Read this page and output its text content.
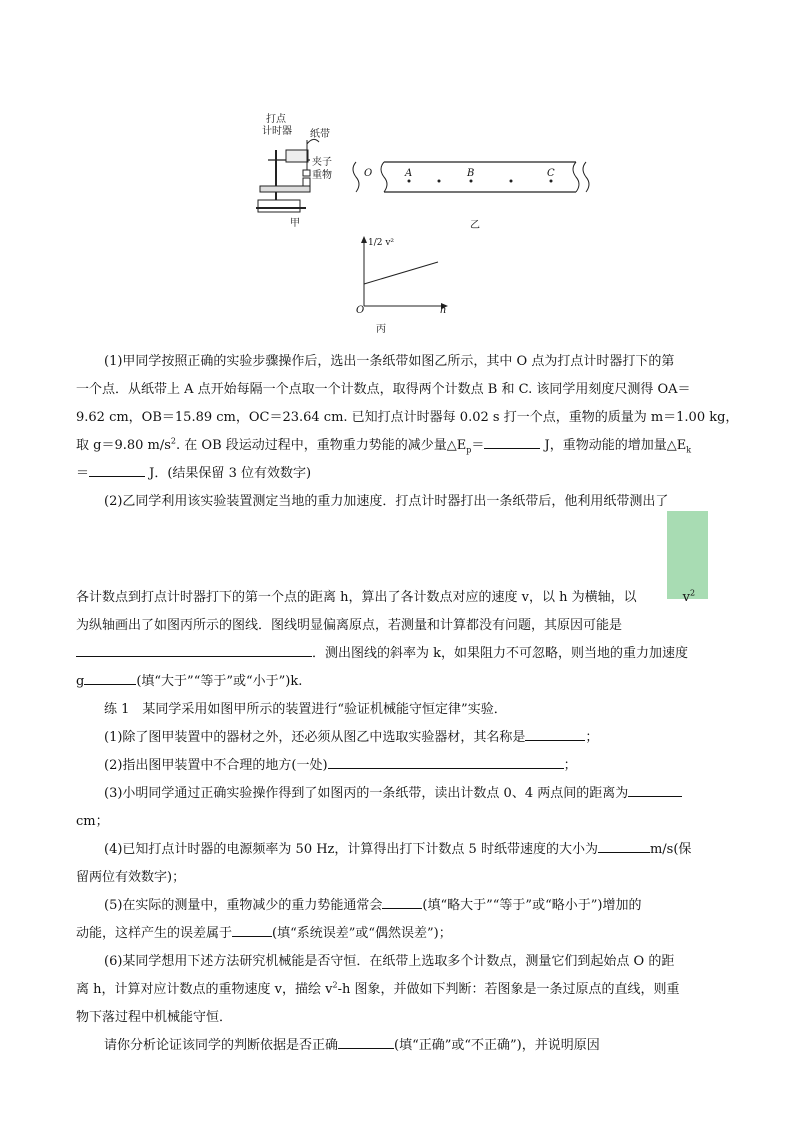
打点
计时器 纸带
夹子
重物
甲
O	A	B	C
乙
1/2 v²
h
O
丙
(1)甲同学按照正确的实验步骤操作后，选出一条纸带如图乙所示，其中 O 点为打点计时器打下的第
一个点．从纸带上 A 点开始每隔一个点取一个计数点，取得两个计数点 B 和 C. 该同学用刻度尺测得 OA＝
9.62 cm，OB＝15.89 cm，OC＝23.64 cm. 已知打点计时器每 0.02 s 打一个点，重物的质量为 m＝1.00 kg，
取 g＝9.80 $m/s^2$. 在 OB 段运动过程中，重物重力势能的减少量$\triangle E_p=$	J，重物动能的增加量$\triangle E_k$
＝	J．(结果保留 3 位有效数字)
(2)乙同学利用该实验装置测定当地的重力加速度．打点计时器打出一条纸带后，他利用纸带测出了
各计数点到打点计时器打下的第一个点的距离 h，算出了各计数点对应的速度 v，以 h 为横轴，以	$v^2$
为纵轴画出了如图丙所示的图线．图线明显偏离原点，若测量和计算都没有问题，其原因可能是
．测出图线的斜率为 k，如果阻力不可忽略，则当地的重力加速度
g	(填“大于”“等于”或“小于”)k.
练 1　某同学采用如图甲所示的装置进行“验证机械能守恒定律”实验．
(1)除了图甲装置中的器材之外，还必须从图乙中选取实验器材，其名称是	；
(2)指出图甲装置中不合理的地方(一处)	；
(3)小明同学通过正确实验操作得到了如图丙的一条纸带，读出计数点 0、4 两点间的距离为
cm；
(4)已知打点计时器的电源频率为 50 Hz，计算得出打下计数点 5 时纸带速度的大小为	m/s(保
留两位有效数字)；
(5)在实际的测量中，重物减少的重力势能通常会	(填“略大于”“等于”或“略小于”)增加的
动能，这样产生的误差属于	(填“系统误差”或“偶然误差”)；
(6)某同学想用下述方法研究机械能是否守恒．在纸带上选取多个计数点，测量它们到起始点 O 的距
离 h，计算对应计数点的重物速度 v，描绘 $v^2-h$ 图象，并做如下判断：若图象是一条过原点的直线，则重
物下落过程中机械能守恒．
请你分析论证该同学的判断依据是否正确	(填“正确”或“不正确”)，并说明原因
